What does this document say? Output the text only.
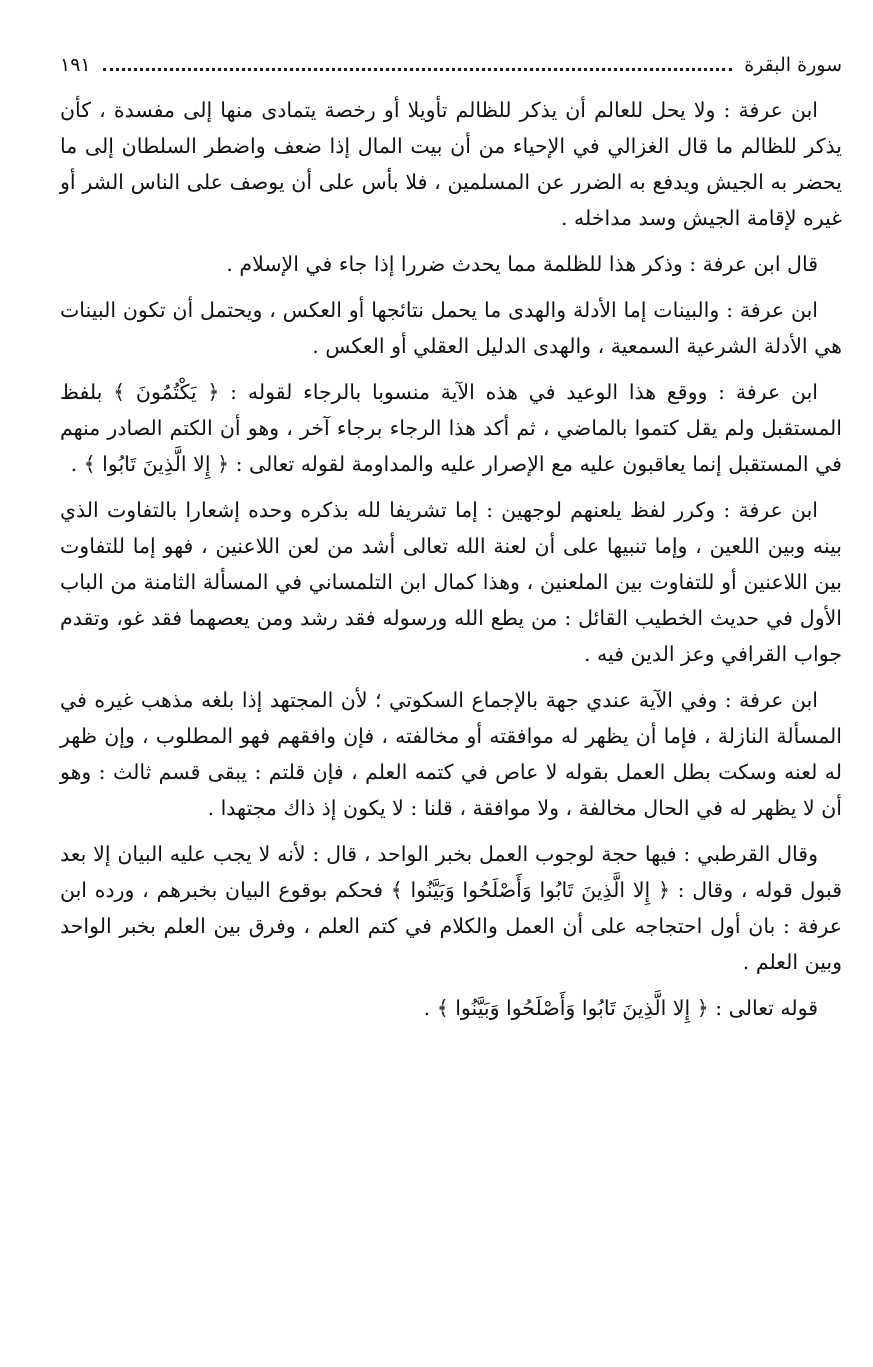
سورة البقرة
١٩١

ابن عرفة : ولا يحل للعالم أن يذكر للظالم تأويلا أو رخصة يتمادى منها إلى مفسدة ، كأن يذكر للظالم ما قال الغزالي في الإحياء من أن بيت المال إذا ضعف واضطر السلطان إلى ما يحضر به الجيش ويدفع به الضرر عن المسلمين ، فلا بأس على أن يوصف على الناس الشر أو غيره لإقامة الجيش وسد مداخله .

قال ابن عرفة : وذكر هذا للظلمة مما يحدث ضررا إذا جاء في الإسلام .

ابن عرفة : والبينات إما الأدلة والهدى ما يحمل نتائجها أو العكس ، ويحتمل أن تكون البينات هي الأدلة الشرعية السمعية ، والهدى الدليل العقلي أو العكس .

ابن عرفة : ووقع هذا الوعيد في هذه الآية منسوبا بالرجاء لقوله : ﴿ يَكْتُمُونَ ﴾ بلفظ المستقبل ولم يقل كتموا بالماضي ، ثم أكد هذا الرجاء برجاء آخر ، وهو أن الكتم الصادر منهم في المستقبل إنما يعاقبون عليه مع الإصرار عليه والمداومة لقوله تعالى : ﴿ إِلا الَّذِينَ تَابُوا ﴾ .

ابن عرفة : وكرر لفظ يلعنهم لوجهين : إما تشريفا لله بذكره وحده إشعارا بالتفاوت الذي بينه وبين اللعين ، وإما تنبيها على أن لعنة الله تعالى أشد من لعن اللاعنين ، فهو إما للتفاوت بين اللاعنين أو للتفاوت بين الملعنين ، وهذا كمال ابن التلمساني في المسألة الثامنة من الباب الأول في حديث الخطيب القائل : من يطع الله ورسوله فقد رشد ومن يعصهما فقد غو، وتقدم جواب القرافي وعز الدين فيه .

ابن عرفة : وفي الآية عندي جهة بالإجماع السكوتي ؛ لأن المجتهد إذا بلغه مذهب غيره في المسألة النازلة ، فإما أن يظهر له موافقته أو مخالفته ، فإن وافقهم فهو المطلوب ، وإن ظهر له لعنه وسكت بطل العمل بقوله لا عاص في كتمه العلم ، فإن قلتم : يبقى قسم ثالث : وهو أن لا يظهر له في الحال مخالفة ، ولا موافقة ، قلنا : لا يكون إذ ذاك مجتهدا .

وقال القرطبي : فيها حجة لوجوب العمل بخبر الواحد ، قال : لأنه لا يجب عليه البيان إلا بعد قبول قوله ، وقال : ﴿ إِلا الَّذِينَ تَابُوا وَأَصْلَحُوا وَبَيَّنُوا ﴾ فحكم بوقوع البيان بخبرهم ، ورده ابن عرفة : بان أول احتجاجه على أن العمل والكلام في كتم العلم ، وفرق بين العلم بخبر الواحد وبين العلم .

قوله تعالى : ﴿ إِلا الَّذِينَ تَابُوا وَأَصْلَحُوا وَبَيَّنُوا ﴾ .
